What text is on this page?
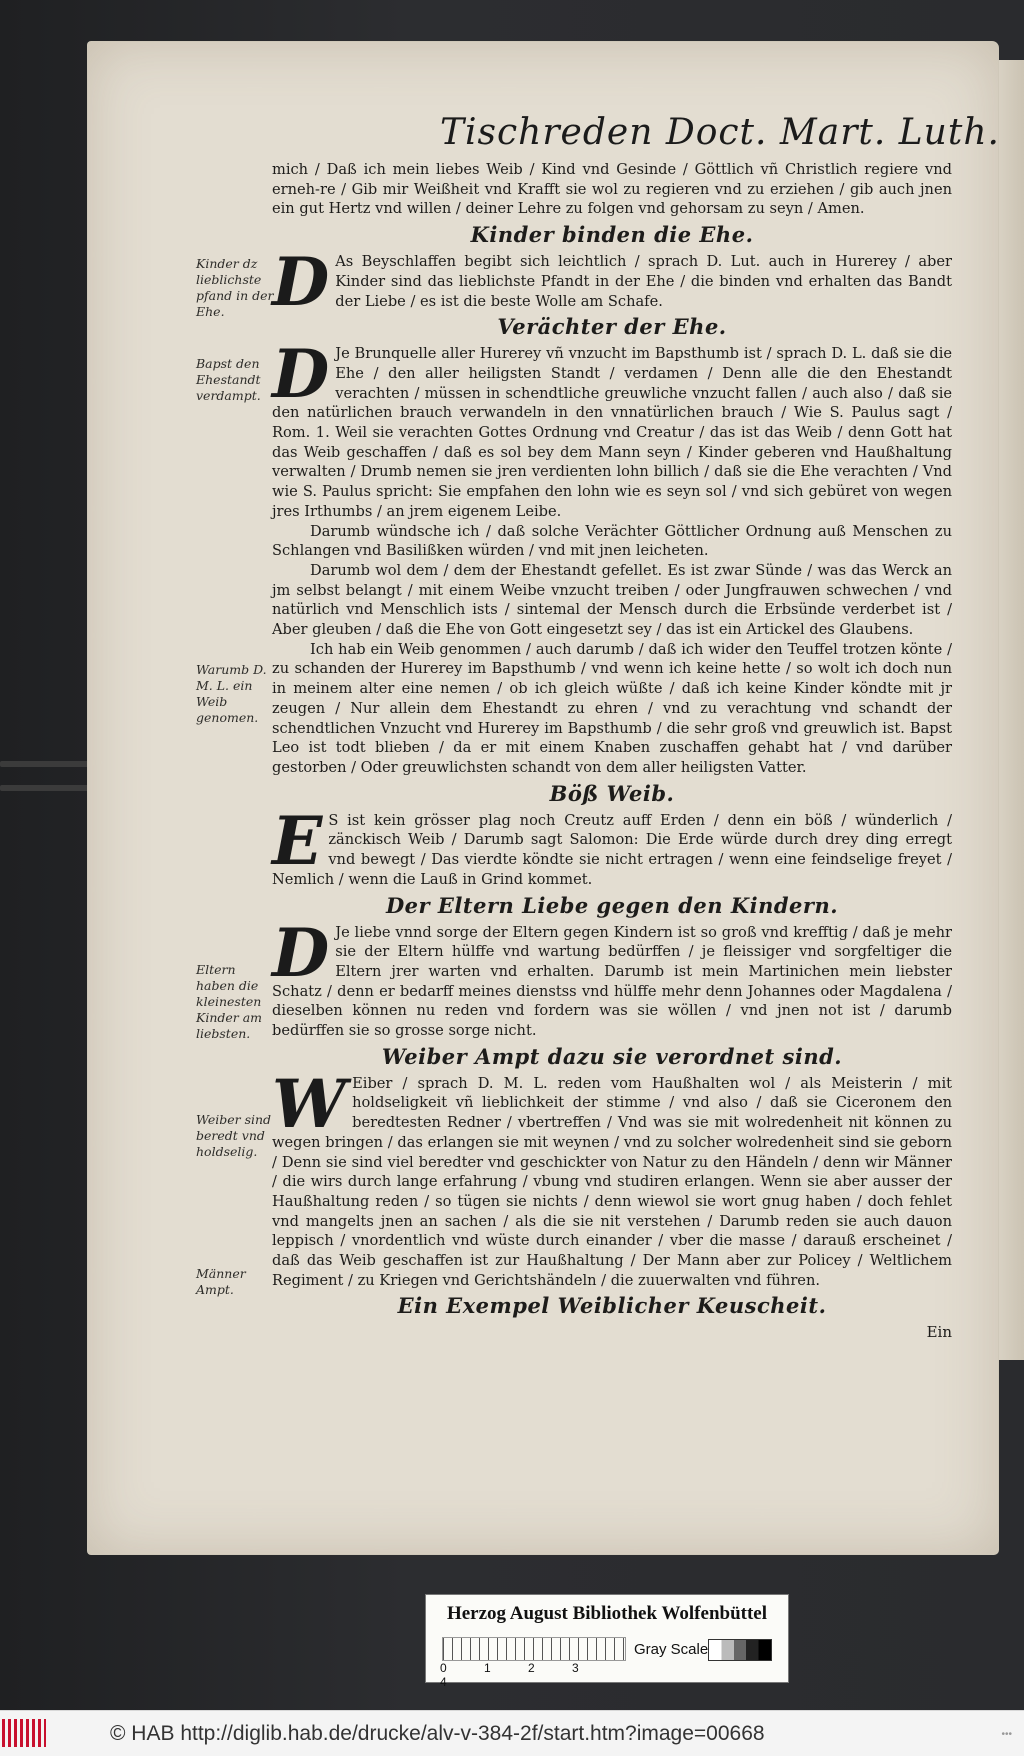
Tischreden Doct. Mart. Luth.

mich / Daß ich mein liebes Weib / Kind vnd Gesinde / Göttlich vñ Christlich regiere vnd erneh-re / Gib mir Weißheit vnd Krafft sie wol zu regieren vnd zu erziehen / gib auch jnen ein gut Hertz vnd willen / deiner Lehre zu folgen vnd gehorsam zu seyn / Amen.

Kinder binden die Ehe.

D As Beyschlaffen begibt sich leichtlich / sprach D. Lut. auch in Hurerey / aber Kinder sind das lieblichste Pfandt in der Ehe / die binden vnd erhalten das Bandt der Liebe / es ist die beste Wolle am Schafe.

Verächter der Ehe.

D Je Brunquelle aller Hurerey vñ vnzucht im Bapsthumb ist / sprach D. L. daß sie die Ehe / den aller heiligsten Standt / verdamen / Denn alle die den Ehestandt verachten / müssen in schendtliche greuwliche vnzucht fallen / auch also / daß sie den natürlichen brauch verwandeln in den vnnatürlichen brauch / Wie S. Paulus sagt / Rom. 1. Weil sie verachten Gottes Ordnung vnd Creatur / das ist das Weib / denn Gott hat das Weib geschaffen / daß es sol bey dem Mann seyn / Kinder geberen vnd Haußhaltung verwalten / Drumb nemen sie jren verdienten lohn billich / daß sie die Ehe verachten / Vnd wie S. Paulus spricht: Sie empfahen den lohn wie es seyn sol / vnd sich gebüret von wegen jres Irthumbs / an jrem eigenem Leibe.

Darumb wündsche ich / daß solche Verächter Göttlicher Ordnung auß Menschen zu Schlangen vnd Basilißken würden / vnd mit jnen leicheten.

Darumb wol dem / dem der Ehestandt gefellet. Es ist zwar Sünde / was das Werck an jm selbst belangt / mit einem Weibe vnzucht treiben / oder Jungfrauwen schwechen / vnd natürlich vnd Menschlich ists / sintemal der Mensch durch die Erbsünde verderbet ist / Aber gleuben / daß die Ehe von Gott eingesetzt sey / das ist ein Artickel des Glaubens.

Ich hab ein Weib genommen / auch darumb / daß ich wider den Teuffel trotzen könte / zu schanden der Hurerey im Bapsthumb / vnd wenn ich keine hette / so wolt ich doch nun in meinem alter eine nemen / ob ich gleich wüßte / daß ich keine Kinder köndte mit jr zeugen / Nur allein dem Ehestandt zu ehren / vnd zu verachtung vnd schandt der schendtlichen Vnzucht vnd Hurerey im Bapsthumb / die sehr groß vnd greuwlich ist. Bapst Leo ist todt blieben / da er mit einem Knaben zuschaffen gehabt hat / vnd darüber gestorben / Oder greuwlichsten schandt von dem aller heiligsten Vatter.

Böß Weib.

E S ist kein grösser plag noch Creutz auff Erden / denn ein böß / wünderlich / zänckisch Weib / Darumb sagt Salomon: Die Erde würde durch drey ding erregt vnd bewegt / Das vierdte köndte sie nicht ertragen / wenn eine feindselige freyet / Nemlich / wenn die Lauß in Grind kommet.

Der Eltern Liebe gegen den Kindern.

D Je liebe vnnd sorge der Eltern gegen Kindern ist so groß vnd krefftig / daß je mehr sie der Eltern hülffe vnd wartung bedürffen / je fleissiger vnd sorgfeltiger die Eltern jrer warten vnd erhalten. Darumb ist mein Martinichen mein liebster Schatz / denn er bedarff meines dienstss vnd hülffe mehr denn Johannes oder Magdalena / dieselben können nu reden vnd fordern was sie wöllen / vnd jnen not ist / darumb bedürffen sie so grosse sorge nicht.

Weiber Ampt dazu sie verordnet sind.

W Eiber / sprach D. M. L. reden vom Haußhalten wol / als Meisterin / mit holdseligkeit vñ lieblichkeit der stimme / vnd also / daß sie Ciceronem den beredtesten Redner / vbertreffen / Vnd was sie mit wolredenheit nit können zu wegen bringen / das erlangen sie mit weynen / vnd zu solcher wolredenheit sind sie geborn / Denn sie sind viel beredter vnd geschickter von Natur zu den Händeln / denn wir Männer / die wirs durch lange erfahrung / vbung vnd studiren erlangen. Wenn sie aber ausser der Haußhaltung reden / so tügen sie nichts / denn wiewol sie wort gnug haben / doch fehlet vnd mangelts jnen an sachen / als die sie nit verstehen / Darumb reden sie auch dauon leppisch / vnordentlich vnd wüste durch einander / vber die masse / darauß erscheinet / daß das Weib geschaffen ist zur Haußhaltung / Der Mann aber zur Policey / Weltlichem Regiment / zu Kriegen vnd Gerichtshändeln / die zuuerwalten vnd führen.

Ein Exempel Weiblicher Keuscheit.
Ein
Kinder dz lieblichste pfand in der Ehe.
Bapst den Ehestandt verdampt.
Warumb D. M. L. ein Weib genomen.
Eltern haben die kleinesten Kinder am liebsten.
Weiber sind beredt vnd holdselig.
Männer Ampt.
Herzog August Bibliothek Wolfenbüttel
0	1	2	34
Gray Scale
© HAB http://diglib.hab.de/drucke/alv-v-384-2f/start.htm?image=00668	•••
